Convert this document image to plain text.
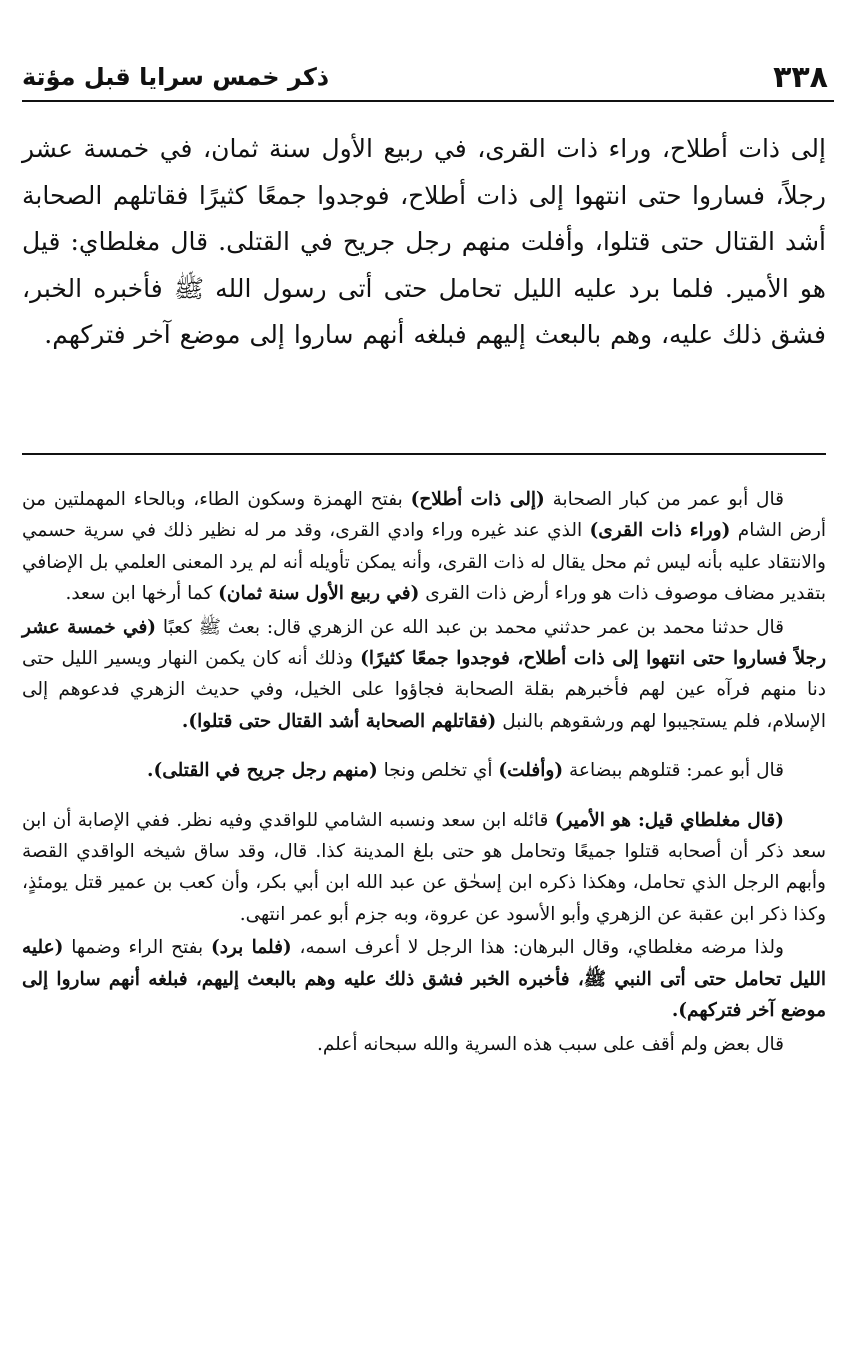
٣٣٨
ذكر خمس سرايا قبل مؤتة
إلى ذات أطلاح، وراء ذات القرى، في ربيع الأول سنة ثمان، في خمسة عشر رجلاً، فساروا حتى انتهوا إلى ذات أطلاح، فوجدوا جمعًا كثيرًا فقاتلهم الصحابة أشد القتال حتى قتلوا، وأفلت منهم رجل جريح في القتلى. قال مغلطاي: قيل هو الأمير. فلما برد عليه الليل تحامل حتى أتى رسول الله ﷺ فأخبره الخبر، فشق ذلك عليه، وهم بالبعث إليهم فبلغه أنهم ساروا إلى موضع آخر فتركهم.

قال أبو عمر من كبار الصحابة (إلى ذات أطلاح) بفتح الهمزة وسكون الطاء، وبالحاء المهملتين من أرض الشام (وراء ذات القرى) الذي عند غيره وراء وادي القرى، وقد مر له نظير ذلك في سرية حسمي والانتقاد عليه بأنه ليس ثم محل يقال له ذات القرى، وأنه يمكن تأويله أنه لم يرد المعنى العلمي بل الإضافي بتقدير مضاف موصوف ذات هو وراء أرض ذات القرى (في ربيع الأول سنة ثمان) كما أرخها ابن سعد.

قال حدثنا محمد بن عمر حدثني محمد بن عبد الله عن الزهري قال: بعث ﷺ كعبًا (في خمسة عشر رجلاً فساروا حتى انتهوا إلى ذات أطلاح، فوجدوا جمعًا كثيرًا) وذلك أنه كان يكمن النهار ويسير الليل حتى دنا منهم فرآه عين لهم فأخبرهم بقلة الصحابة فجاؤوا على الخيل، وفي حديث الزهري فدعوهم إلى الإسلام، فلم يستجيبوا لهم ورشقوهم بالنبل (فقاتلهم الصحابة أشد القتال حتى قتلوا).

قال أبو عمر: قتلوهم ببضاعة (وأفلت) أي تخلص ونجا (منهم رجل جريح في القتلى).

(قال مغلطاي قيل: هو الأمير) قائله ابن سعد ونسبه الشامي للواقدي وفيه نظر. ففي الإصابة أن ابن سعد ذكر أن أصحابه قتلوا جميعًا وتحامل هو حتى بلغ المدينة كذا. قال، وقد ساق شيخه الواقدي القصة وأبهم الرجل الذي تحامل، وهكذا ذكره ابن إسحٰق عن عبد الله ابن أبي بكر، وأن كعب بن عمير قتل يومئذٍ، وكذا ذكر ابن عقبة عن الزهري وأبو الأسود عن عروة، وبه جزم أبو عمر انتهى.

ولذا مرضه مغلطاي، وقال البرهان: هذا الرجل لا أعرف اسمه، (فلما برد) بفتح الراء وضمها (عليه الليل تحامل حتى أتى النبي ﷺ، فأخبره الخبر فشق ذلك عليه وهم بالبعث إليهم، فبلغه أنهم ساروا إلى موضع آخر فتركهم).

قال بعض ولم أقف على سبب هذه السرية والله سبحانه أعلم.
